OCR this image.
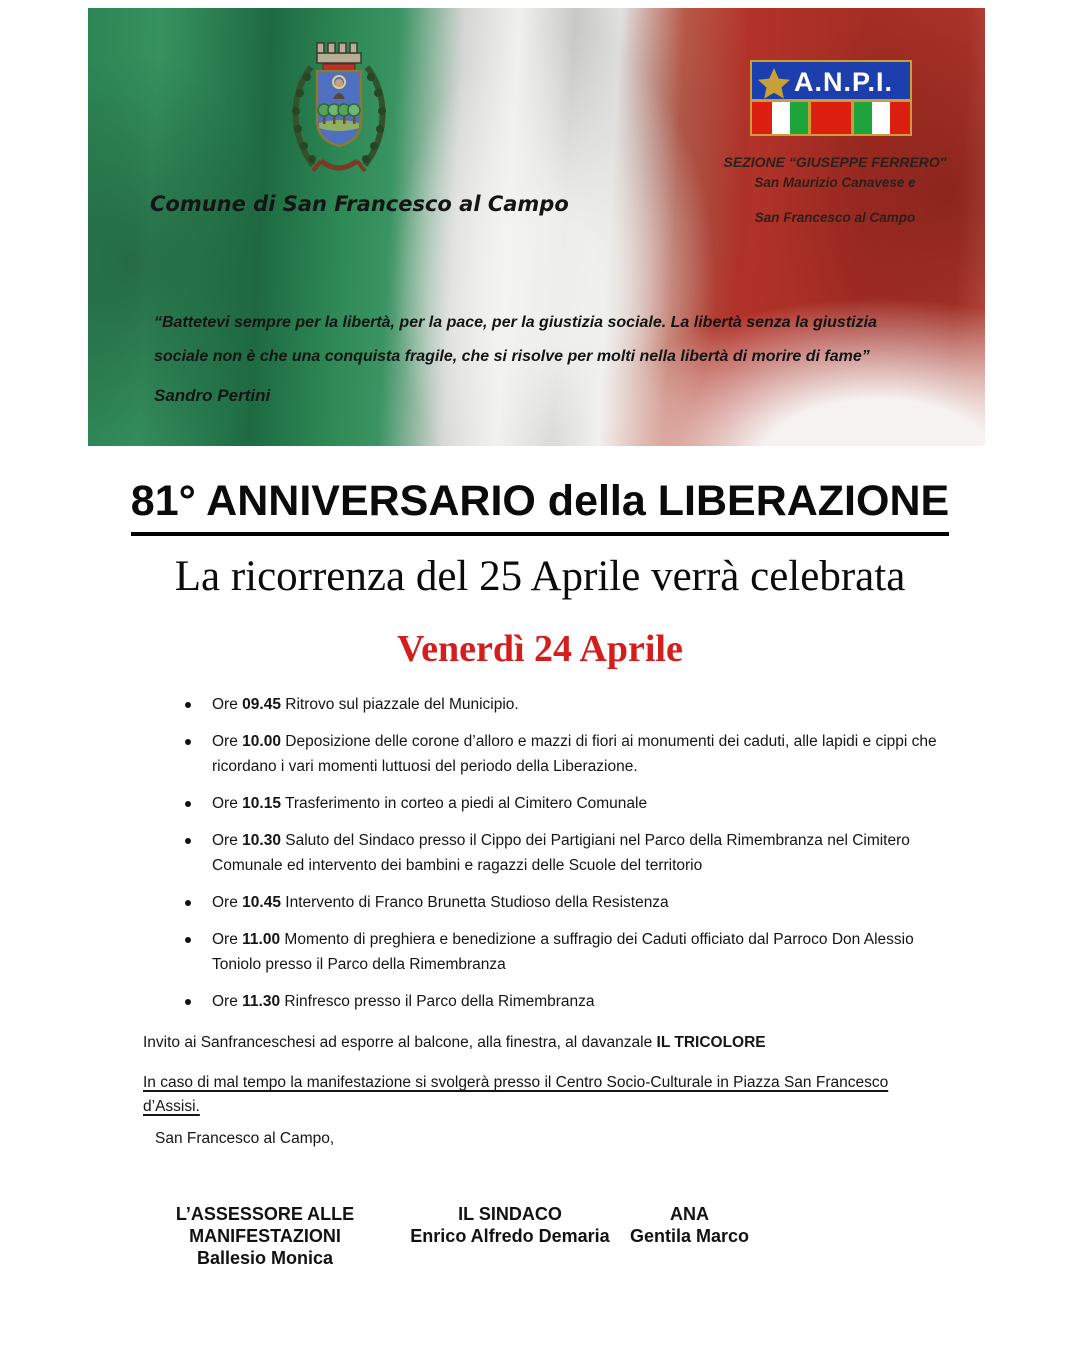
Comune di San Francesco al Campo
A.N.P.I.
SEZIONE “GIUSEPPE FERRERO"
San Maurizio Canavese e
San Francesco al Campo
“Battetevi sempre per la libertà, per la pace, per la giustizia sociale. La libertà senza la giustizia
sociale non è che una conquista fragile, che si risolve per molti nella libertà di morire di fame”
Sandro Pertini
81° ANNIVERSARIO della LIBERAZIONE
La ricorrenza del 25 Aprile verrà celebrata
Venerdì 24 Aprile
Ore 09.45 Ritrovo sul piazzale del Municipio.
Ore 10.00 Deposizione delle corone d’alloro e mazzi di fiori ai monumenti dei caduti, alle lapidi e cippi che ricordano i vari momenti luttuosi del periodo della Liberazione.
Ore 10.15 Trasferimento in corteo a piedi al Cimitero Comunale
Ore 10.30 Saluto del Sindaco presso il Cippo dei Partigiani nel Parco della Rimembranza nel Cimitero Comunale ed intervento dei bambini e ragazzi delle Scuole del territorio
Ore 10.45 Intervento di Franco Brunetta Studioso della Resistenza
Ore 11.00 Momento di preghiera e benedizione a suffragio dei Caduti officiato dal Parroco Don Alessio Toniolo presso il Parco della Rimembranza
Ore 11.30 Rinfresco presso il Parco della Rimembranza
Invito ai Sanfranceschesi ad esporre al balcone, alla finestra, al davanzale IL TRICOLORE
In caso di mal tempo la manifestazione si svolgerà presso il Centro Socio-Culturale in Piazza San Francesco d’Assisi.
San Francesco al Campo,
L’ASSESSORE ALLE MANIFESTAZIONI
Ballesio Monica
IL SINDACO
Enrico Alfredo Demaria
ANA
Gentila Marco
